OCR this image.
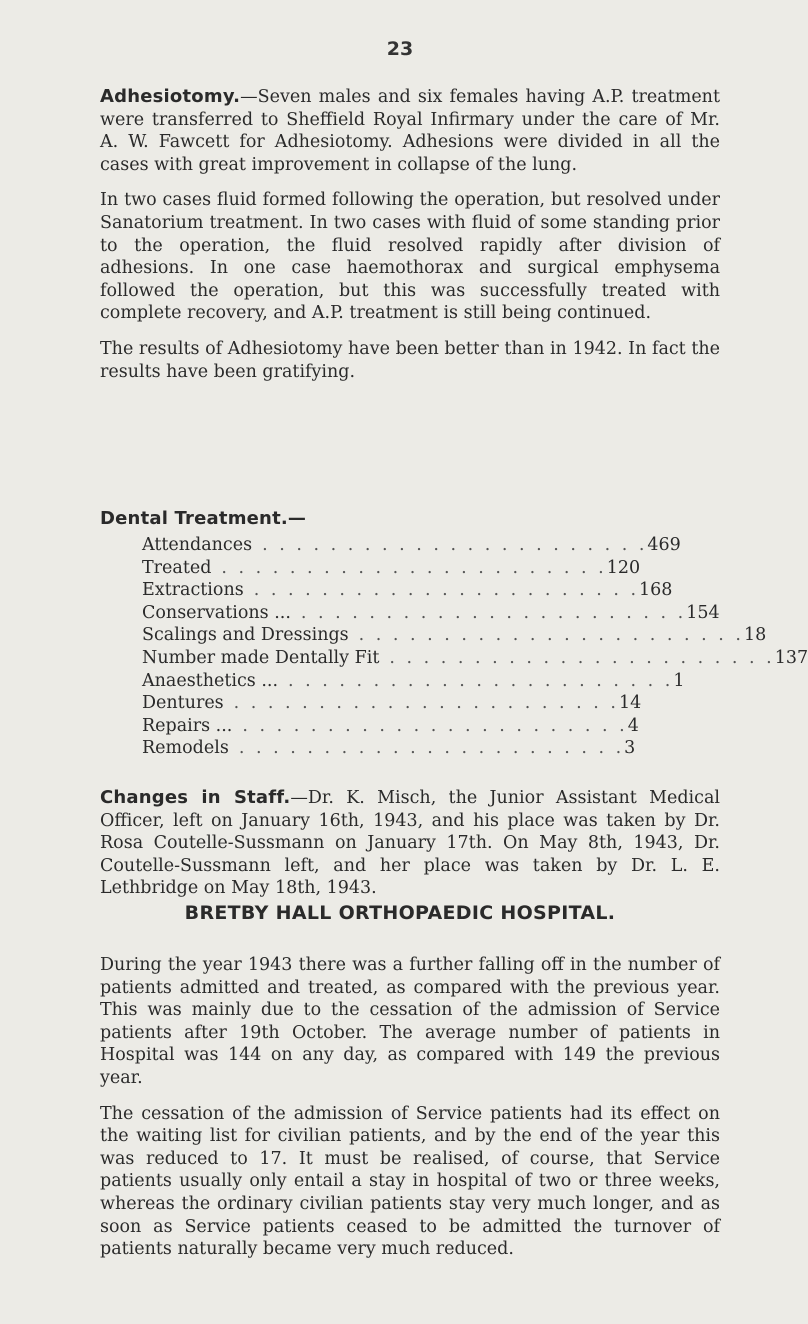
23

Adhesiotomy.—Seven males and six females having A.P. treatment were transferred to Sheffield Royal Infirmary under the care of Mr. A. W. Fawcett for Adhesiotomy. Adhesions were divided in all the cases with great improvement in collapse of the lung.

In two cases fluid formed following the operation, but resolved under Sanatorium treatment. In two cases with fluid of some standing prior to the operation, the fluid resolved rapidly after division of adhesions. In one case haemothorax and surgical emphysema followed the operation, but this was successfully treated with complete recovery, and A.P. treatment is still being continued.

The results of Adhesiotomy have been better than in 1942. In fact the results have been gratifying.

Dental Treatment.—
Attendances . . . . . . . . . . . . . . . . . . . . . . . 469
Treated . . . . . . . . . . . . . . . . . . . . . . . 120
Extractions . . . . . . . . . . . . . . . . . . . . . . . 168
Conservations ... . . . . . . . . . . . . . . . . . . . . . . . 154
Scalings and Dressings . . . . . . . . . . . . . . . . . . . . . . . 18
Number made Dentally Fit . . . . . . . . . . . . . . . . . . . . . . . 137
Anaesthetics ... . . . . . . . . . . . . . . . . . . . . . . . 1
Dentures . . . . . . . . . . . . . . . . . . . . . . . 14
Repairs ... . . . . . . . . . . . . . . . . . . . . . . . 4
Remodels . . . . . . . . . . . . . . . . . . . . . . . 3

Changes in Staff.—Dr. K. Misch, the Junior Assistant Medical Officer, left on January 16th, 1943, and his place was taken by Dr. Rosa Coutelle-Sussmann on January 17th. On May 8th, 1943, Dr. Coutelle-Sussmann left, and her place was taken by Dr. L. E. Lethbridge on May 18th, 1943.

BRETBY HALL ORTHOPAEDIC HOSPITAL.

During the year 1943 there was a further falling off in the number of patients admitted and treated, as compared with the previous year. This was mainly due to the cessation of the admission of Service patients after 19th October. The average number of patients in Hospital was 144 on any day, as compared with 149 the previous year.

The cessation of the admission of Service patients had its effect on the waiting list for civilian patients, and by the end of the year this was reduced to 17. It must be realised, of course, that Service patients usually only entail a stay in hospital of two or three weeks, whereas the ordinary civilian patients stay very much longer, and as soon as Service patients ceased to be admitted the turnover of patients naturally became very much reduced.
